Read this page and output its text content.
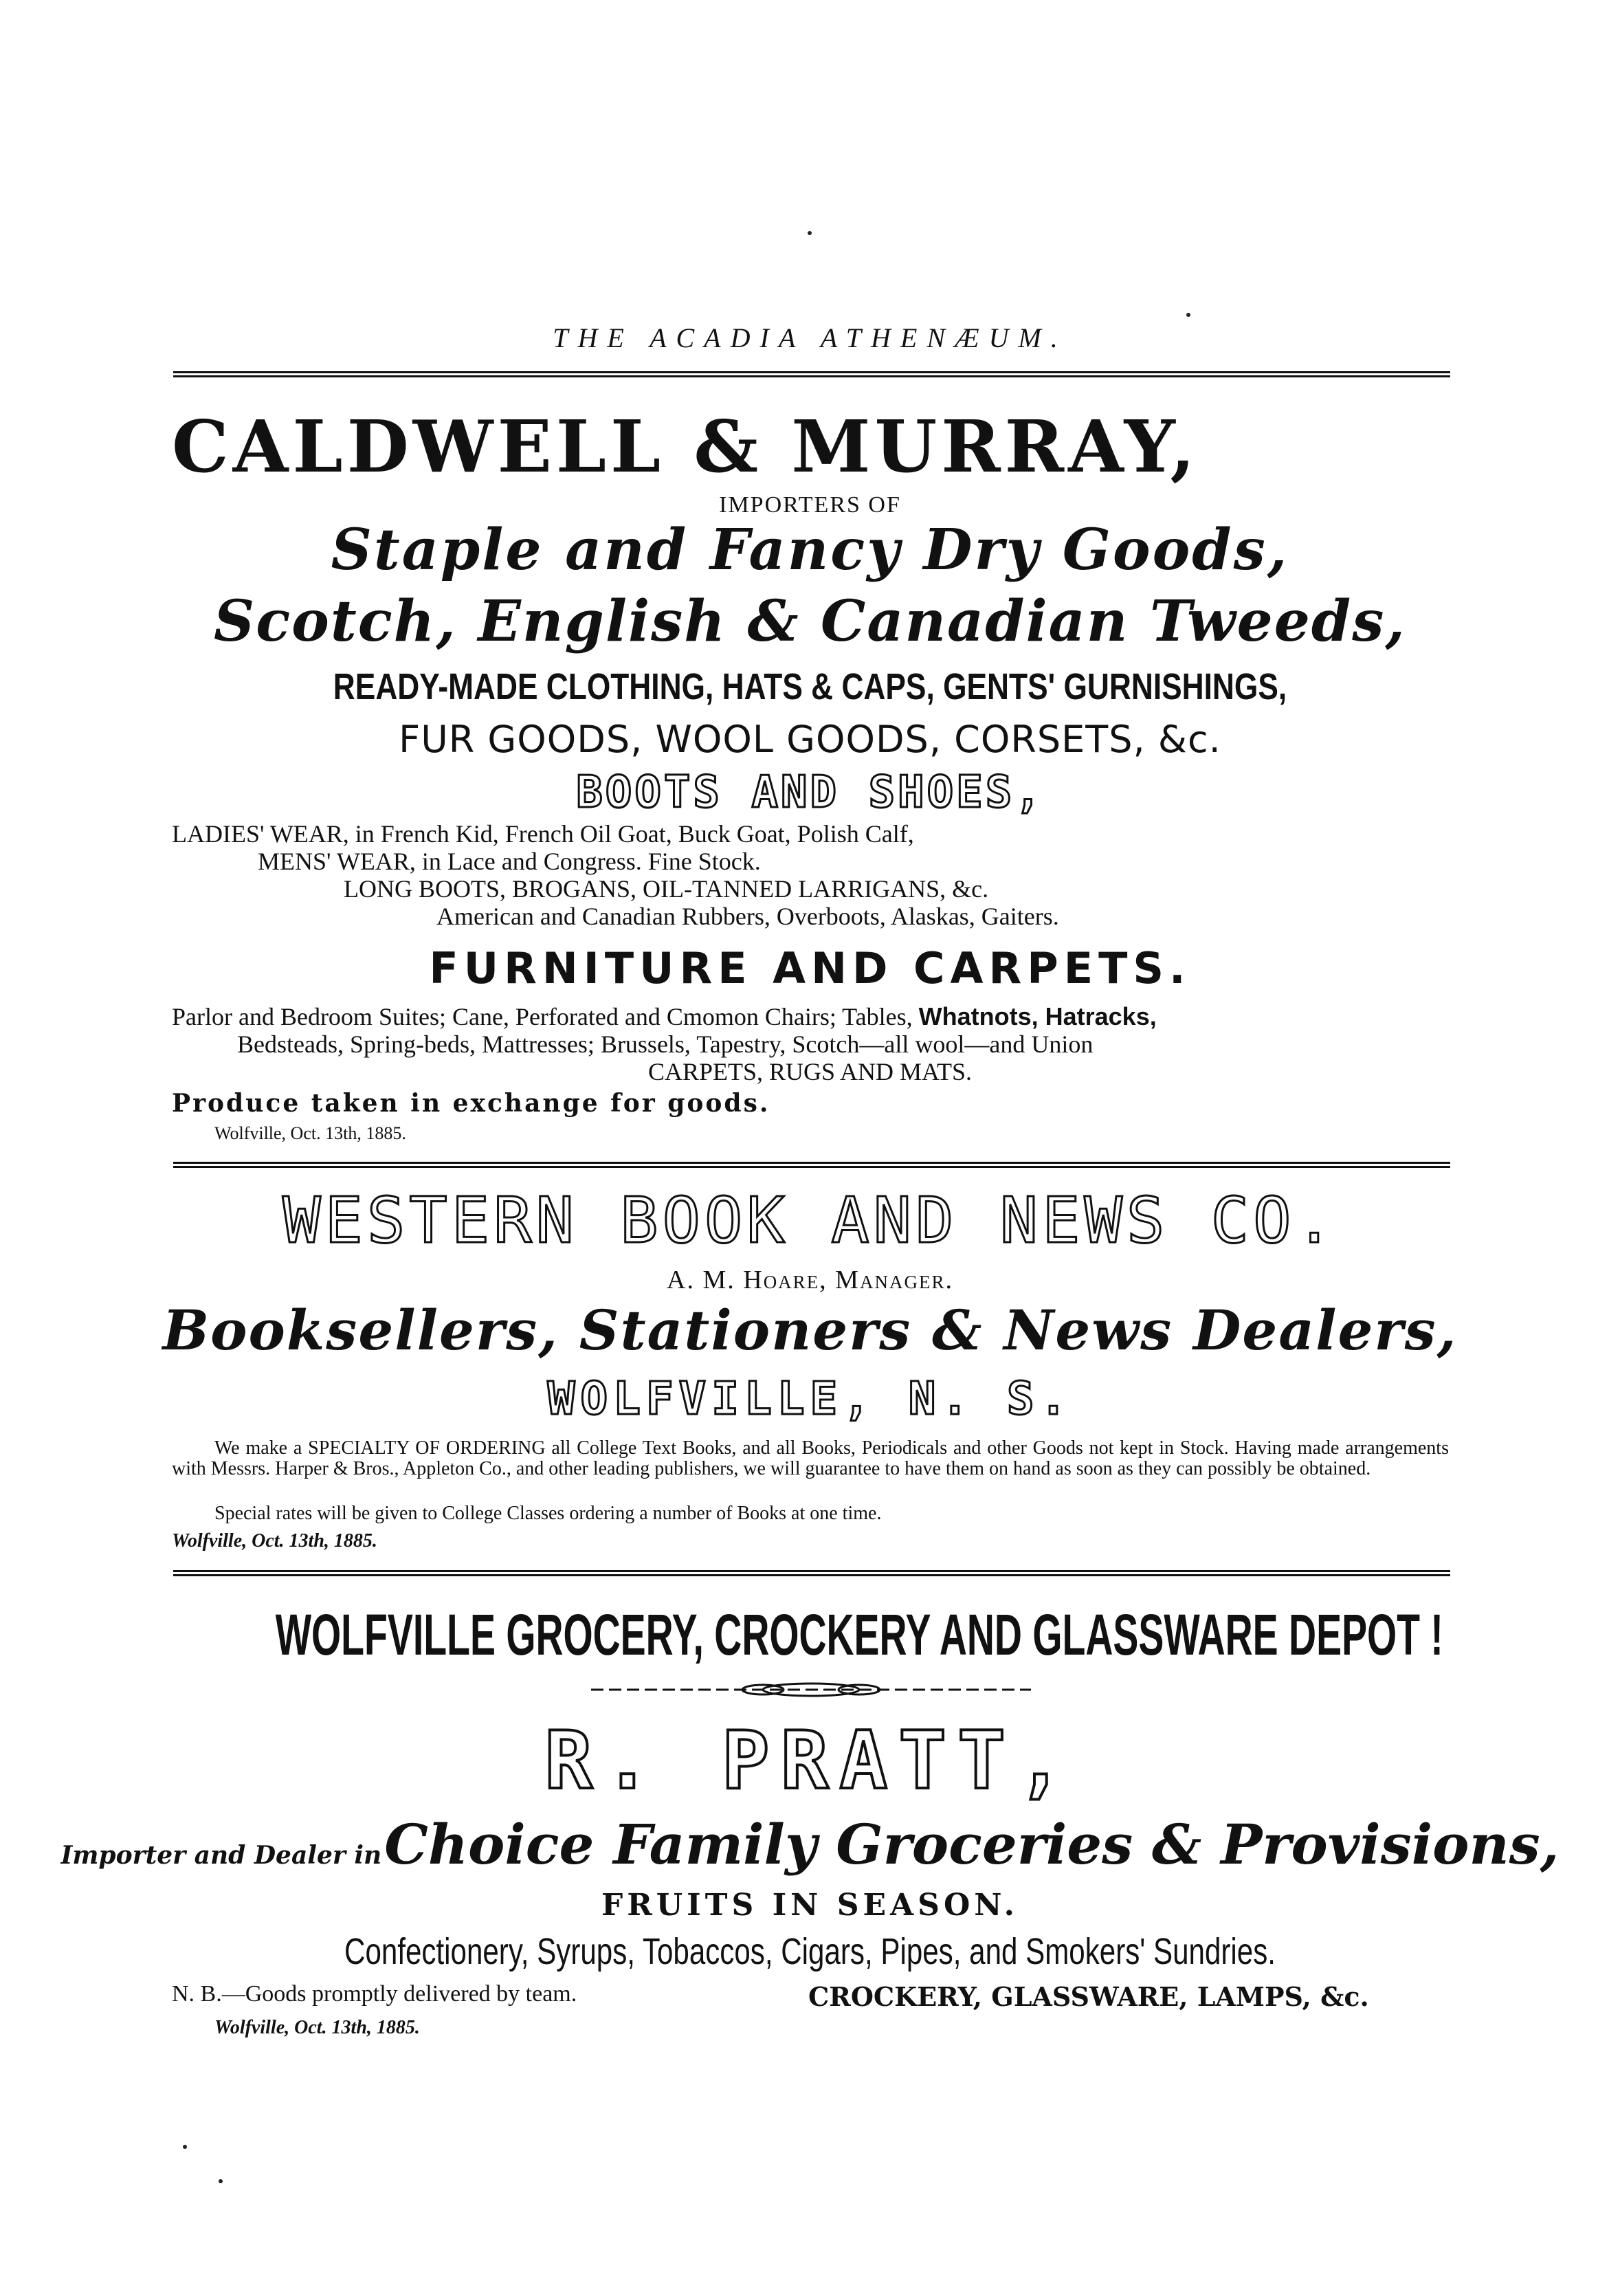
THE ACADIA ATHENÆUM.
CALDWELL & MURRAY,
IMPORTERS OF
Staple and Fancy Dry Goods,
Scotch, English & Canadian Tweeds,
READY-MADE CLOTHING, HATS & CAPS, GENTS' GURNISHINGS,
FUR GOODS, WOOL GOODS, CORSETS, &c.
BOOTS AND SHOES,
LADIES' WEAR, in French Kid, French Oil Goat, Buck Goat, Polish Calf,
MENS' WEAR, in Lace and Congress. Fine Stock.
LONG BOOTS, BROGANS, OIL-TANNED LARRIGANS, &c.
American and Canadian Rubbers, Overboots, Alaskas, Gaiters.
FURNITURE AND CARPETS.
Parlor and Bedroom Suites; Cane, Perforated and Cmomon Chairs; Tables, Whatnots, Hatracks,
Bedsteads, Spring-beds, Mattresses; Brussels, Tapestry, Scotch—all wool—and Union
CARPETS, RUGS AND MATS.
Produce taken in exchange for goods.
Wolfville, Oct. 13th, 1885.
WESTERN BOOK AND NEWS CO.
A. M. Hoare, Manager.
Booksellers, Stationers & News Dealers,
WOLFVILLE, N. S.
We make a SPECIALTY OF ORDERING all College Text Books, and all Books, Periodicals and other Goods not kept in Stock. Having made arrangements with Messrs. Harper & Bros., Appleton Co., and other leading publishers, we will guarantee to have them on hand as soon as they can possibly be obtained.
Special rates will be given to College Classes ordering a number of Books at one time.
Wolfville, Oct. 13th, 1885.
WOLFVILLE GROCERY, CROCKERY AND GLASSWARE DEPOT !
R. PRATT,
Importer and Dealer in Choice Family Groceries & Provisions,
FRUITS IN SEASON.
Confectionery, Syrups, Tobaccos, Cigars, Pipes, and Smokers' Sundries.
N. B.—Goods promptly delivered by team.	CROCKERY, GLASSWARE, LAMPS, &c.
Wolfville, Oct. 13th, 1885.
